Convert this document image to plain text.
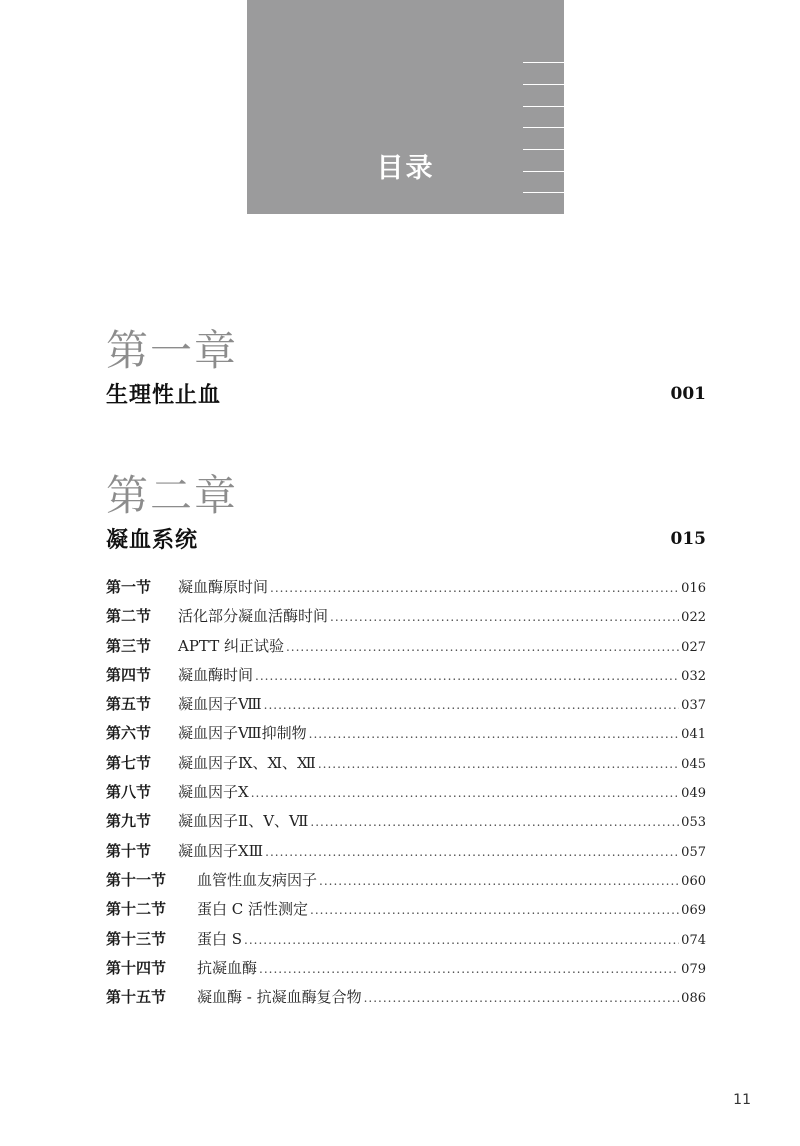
目录
第一章
生理性止血	001
第二章
凝血系统	015
第一节	凝血酶原时间 .....	016
第二节	活化部分凝血活酶时间 .....	022
第三节	APTT 纠正试验 .....	027
第四节	凝血酶时间 .....	032
第五节	凝血因子Ⅷ .....	037
第六节	凝血因子Ⅷ抑制物 .....	041
第七节	凝血因子Ⅸ、Ⅺ、Ⅻ .....	045
第八节	凝血因子Ⅹ .....	049
第九节	凝血因子Ⅱ、Ⅴ、Ⅶ .....	053
第十节	凝血因子ⅩⅢ .....	057
第十一节	血管性血友病因子 .....	060
第十二节	蛋白 C 活性测定 .....	069
第十三节	蛋白 S .....	074
第十四节	抗凝血酶 .....	079
第十五节	凝血酶 - 抗凝血酶复合物 .....	086
11
